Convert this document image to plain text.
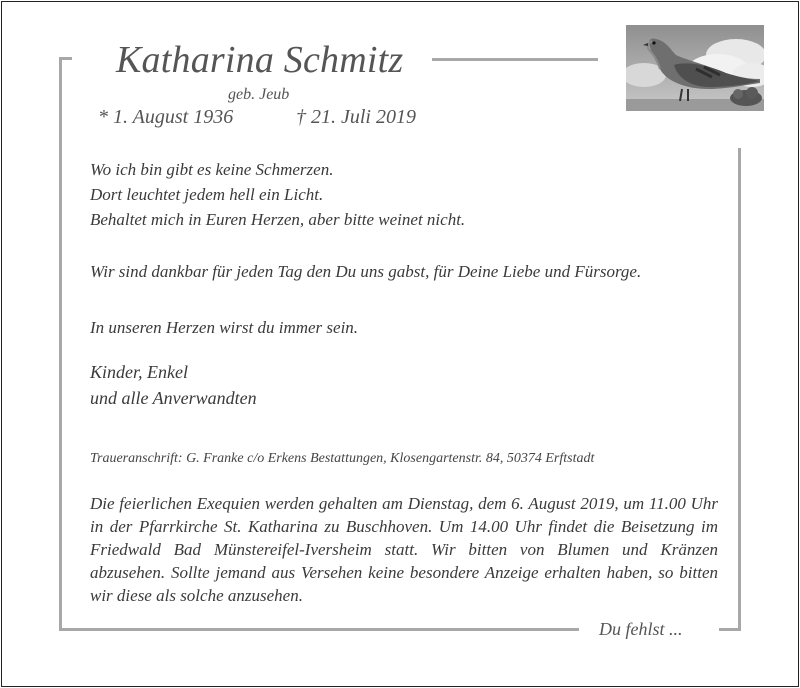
Katharina Schmitz
geb. Jeub
* 1. August 1936	† 21. Juli 2019
Wo ich bin gibt es keine Schmerzen.
Dort leuchtet jedem hell ein Licht.
Behaltet mich in Euren Herzen, aber bitte weinet nicht.
Wir sind dankbar für jeden Tag den Du uns gabst, für Deine Liebe und Fürsorge.
In unseren Herzen wirst du immer sein.
Kinder, Enkel
und alle Anverwandten
Traueranschrift: G. Franke c/o Erkens Bestattungen, Klosengartenstr. 84, 50374 Erftstadt
Die feierlichen Exequien werden gehalten am Dienstag, dem 6. August 2019, um 11.00 Uhr in der Pfarrkirche St. Katharina zu Buschhoven. Um 14.00 Uhr findet die Beisetzung im Friedwald Bad Münstereifel-Iversheim statt. Wir bitten von Blumen und Kränzen abzusehen. Sollte jemand aus Versehen keine besondere Anzeige erhalten haben, so bitten wir diese als solche anzusehen.
Du fehlst ...
